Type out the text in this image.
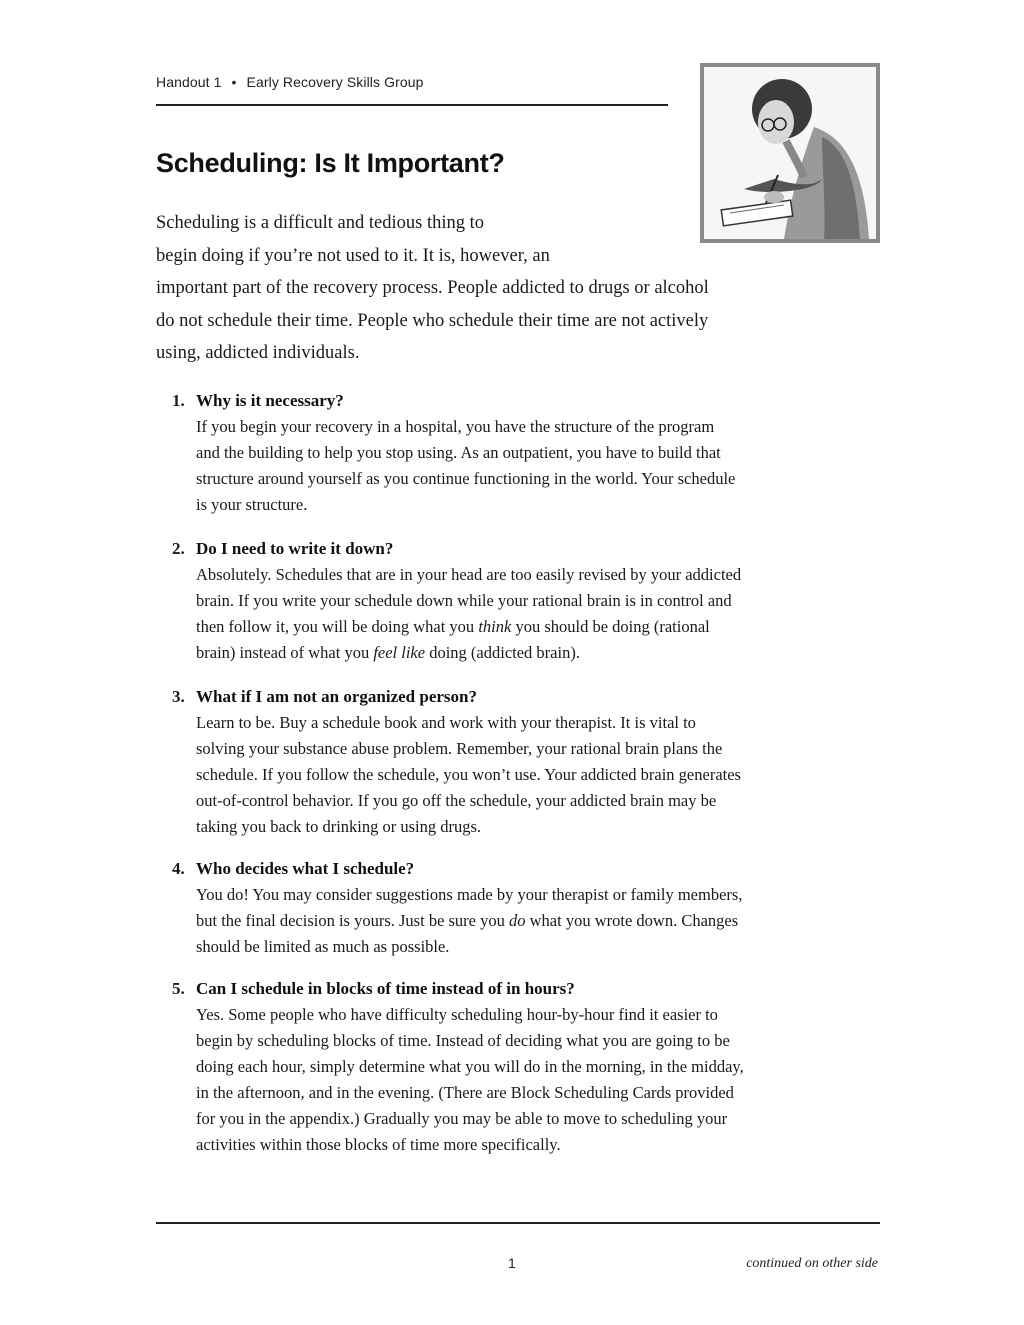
Handout 1 • Early Recovery Skills Group
Scheduling: Is It Important?

Scheduling is a difficult and tedious thing to
begin doing if you’re not used to it. It is, however, an
important part of the recovery process. People addicted to drugs or alcohol
do not schedule their time. People who schedule their time are not actively
using, addicted individuals.

1. Why is it necessary?
If you begin your recovery in a hospital, you have the structure of the program
and the building to help you stop using. As an outpatient, you have to build that
structure around yourself as you continue functioning in the world. Your schedule
is your structure.
2. Do I need to write it down?
Absolutely. Schedules that are in your head are too easily revised by your addicted
brain. If you write your schedule down while your rational brain is in control and
then follow it, you will be doing what you think you should be doing (rational
brain) instead of what you feel like doing (addicted brain).
3. What if I am not an organized person?
Learn to be. Buy a schedule book and work with your therapist. It is vital to
solving your substance abuse problem. Remember, your rational brain plans the
schedule. If you follow the schedule, you won’t use. Your addicted brain generates
out-of-control behavior. If you go off the schedule, your addicted brain may be
taking you back to drinking or using drugs.
4. Who decides what I schedule?
You do! You may consider suggestions made by your therapist or family members,
but the final decision is yours. Just be sure you do what you wrote down. Changes
should be limited as much as possible.
5. Can I schedule in blocks of time instead of in hours?
Yes. Some people who have difficulty scheduling hour-by-hour find it easier to
begin by scheduling blocks of time. Instead of deciding what you are going to be
doing each hour, simply determine what you will do in the morning, in the midday,
in the afternoon, and in the evening. (There are Block Scheduling Cards provided
for you in the appendix.) Gradually you may be able to move to scheduling your
activities within those blocks of time more specifically.
1	continued on other side
